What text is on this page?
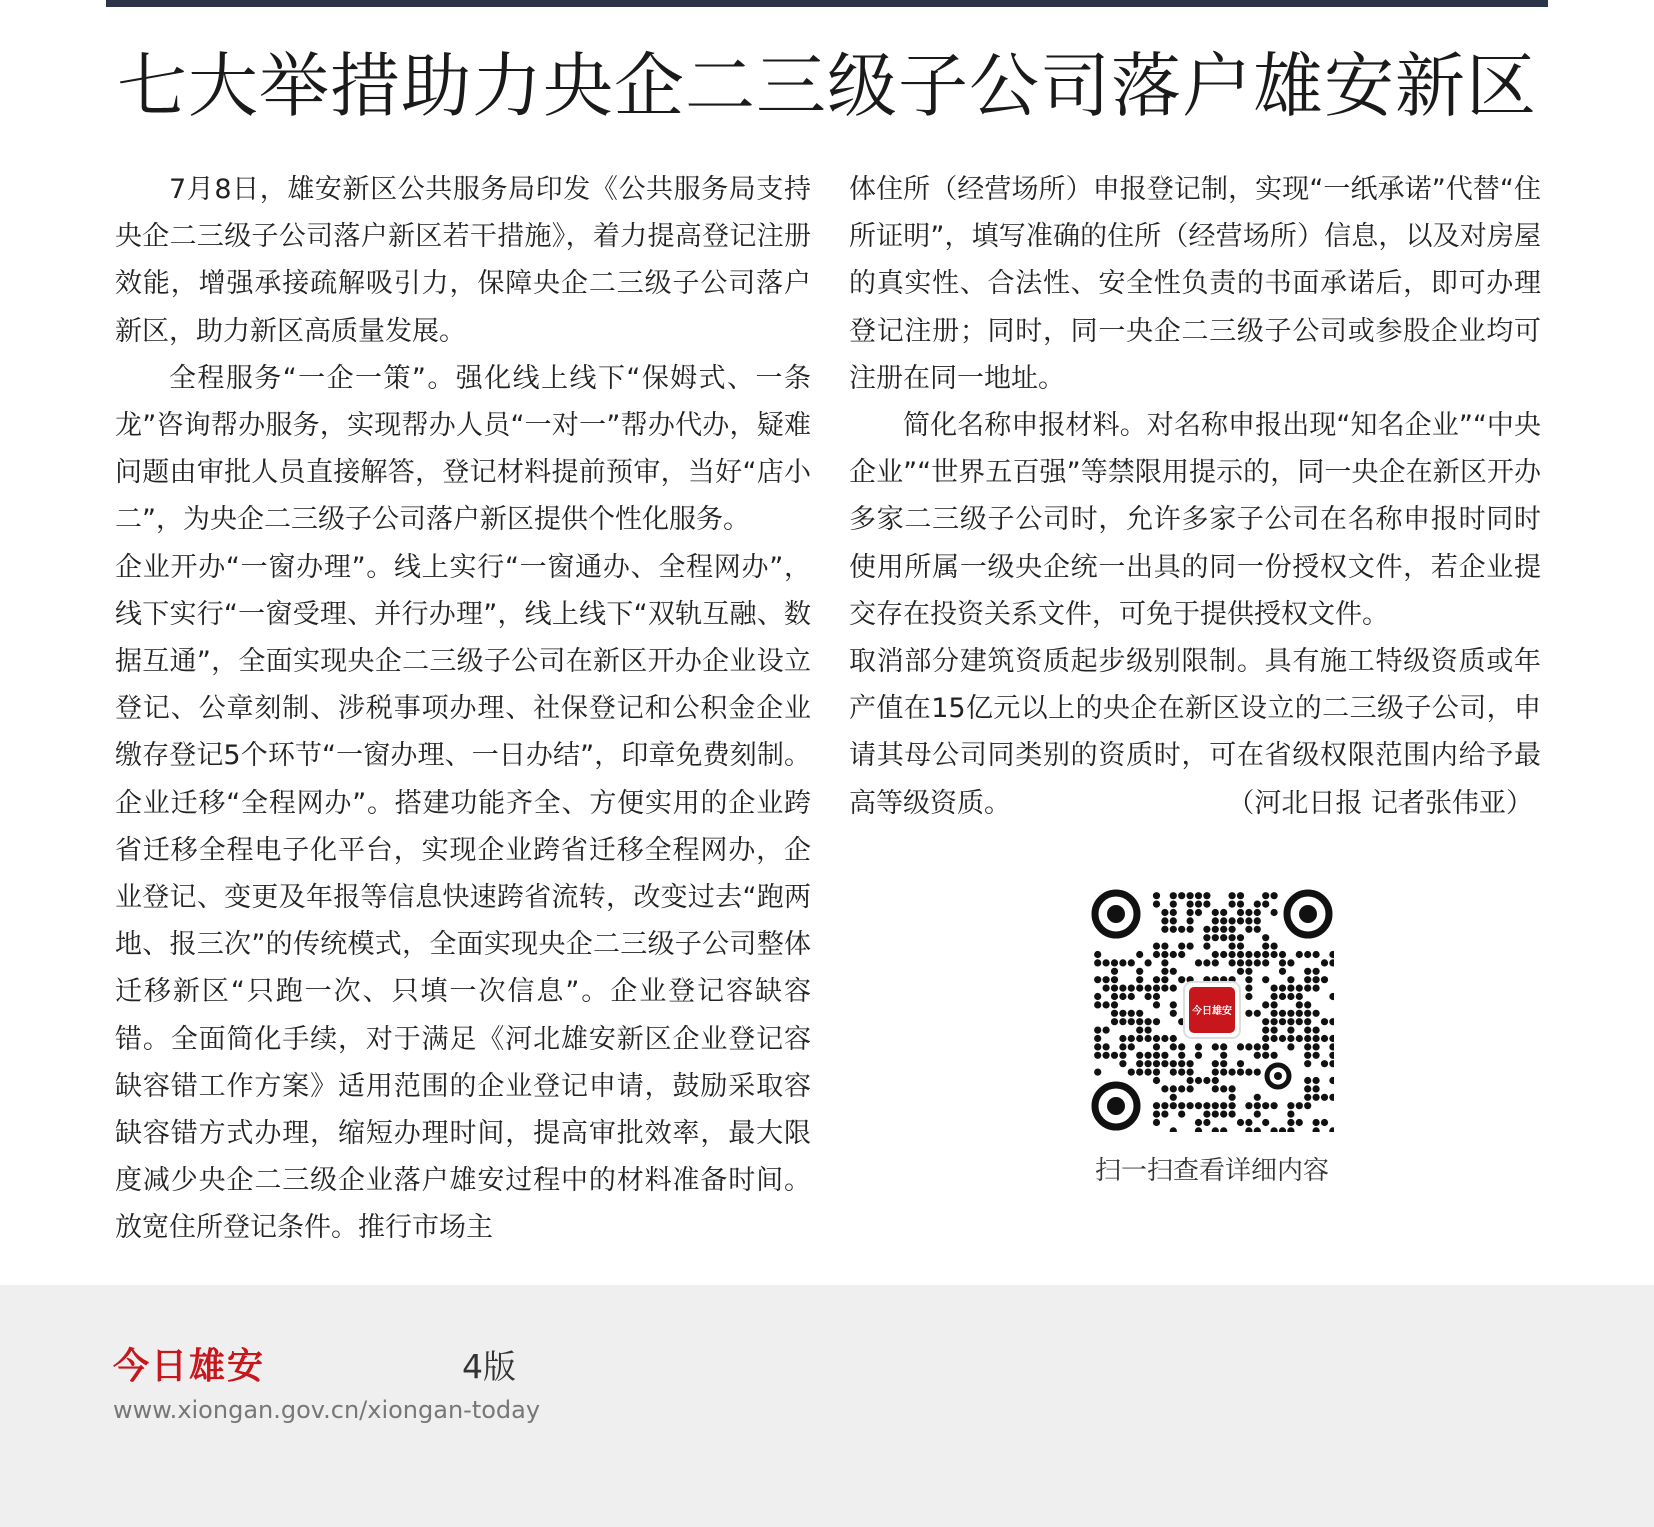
七大举措助力央企二三级子公司落户雄安新区

7月8日，雄安新区公共服务局印发《公共服务局支持央企二三级子公司落户新区若干措施》，着力提高登记注册效能，增强承接疏解吸引力，保障央企二三级子公司落户新区，助力新区高质量发展。

全程服务“一企一策”。强化线上线下“保姆式、一条龙”咨询帮办服务，实现帮办人员“一对一”帮办代办，疑难问题由审批人员直接解答，登记材料提前预审，当好“店小二”，为央企二三级子公司落户新区提供个性化服务。

企业开办“一窗办理”。线上实行“一窗通办、全程网办”，线下实行“一窗受理、并行办理”，线上线下“双轨互融、数据互通”，全面实现央企二三级子公司在新区开办企业设立登记、公章刻制、涉税事项办理、社保登记和公积金企业缴存登记5个环节“一窗办理、一日办结”，印章免费刻制。企业迁移“全程网办”。搭建功能齐全、方便实用的企业跨省迁移全程电子化平台，实现企业跨省迁移全程网办，企业登记、变更及年报等信息快速跨省流转，改变过去“跑两地、报三次”的传统模式，全面实现央企二三级子公司整体迁移新区“只跑一次、只填一次信息”。企业登记容缺容错。全面简化手续，对于满足《河北雄安新区企业登记容缺容错工作方案》适用范围的企业登记申请，鼓励采取容缺容错方式办理，缩短办理时间，提高审批效率，最大限度减少央企二三级企业落户雄安过程中的材料准备时间。放宽住所登记条件。推行市场主

体住所（经营场所）申报登记制，实现“一纸承诺”代替“住所证明”，填写准确的住所（经营场所）信息，以及对房屋的真实性、合法性、安全性负责的书面承诺后，即可办理登记注册；同时，同一央企二三级子公司或参股企业均可注册在同一地址。

简化名称申报材料。对名称申报出现“知名企业”“中央企业”“世界五百强”等禁限用提示的，同一央企在新区开办多家二三级子公司时，允许多家子公司在名称申报时同时使用所属一级央企统一出具的同一份授权文件，若企业提交存在投资关系文件，可免于提供授权文件。

取消部分建筑资质起步级别限制。具有施工特级资质或年产值在15亿元以上的央企在新区设立的二三级子公司，申请其母公司同类别的资质时，可在省级权限范围内给予最高等级资质。	（河北日报 记者张伟亚）

今日雄安
扫一扫查看详细内容
今日雄安	4版
www.xiongan.gov.cn/xiongan-today
